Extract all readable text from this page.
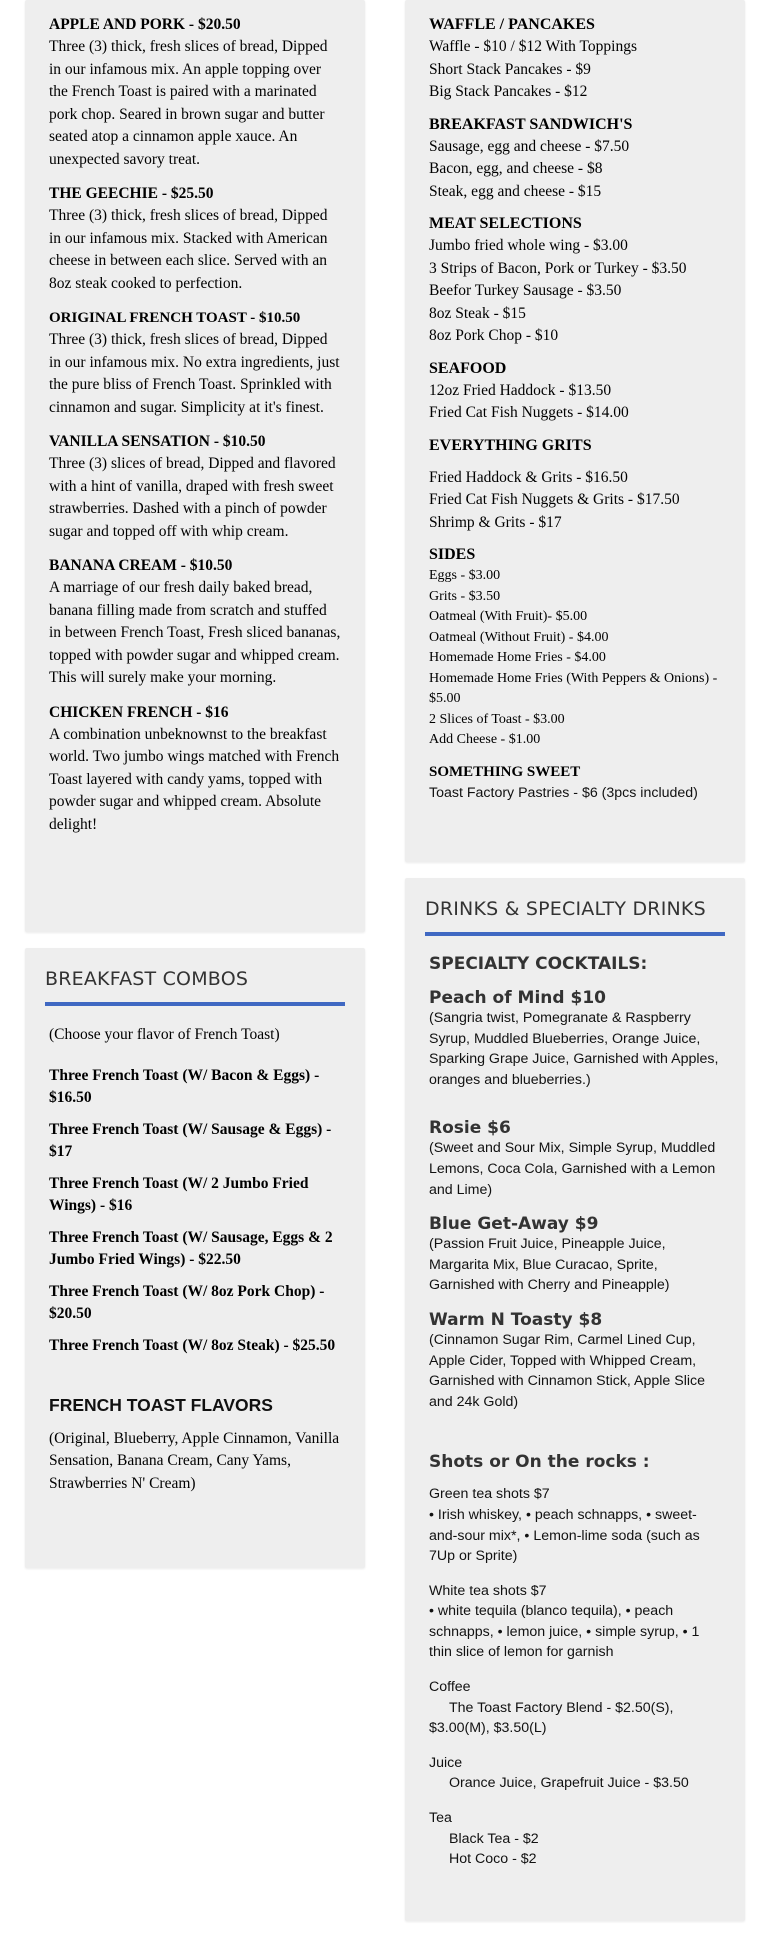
APPLE AND PORK - $20.50
Three (3) thick, fresh slices of bread, Dipped in our infamous mix. An apple topping over the French Toast is paired with a marinated pork chop. Seared in brown sugar and butter seated atop a cinnamon apple xauce. An unexpected savory treat.
THE GEECHIE - $25.50
Three (3) thick, fresh slices of bread, Dipped in our infamous mix. Stacked with American cheese in between each slice. Served with an 8oz steak cooked to perfection.
ORIGINAL FRENCH TOAST - $10.50
Three (3) thick, fresh slices of bread, Dipped in our infamous mix. No extra ingredients, just the pure bliss of French Toast. Sprinkled with cinnamon and sugar. Simplicity at it's finest.
VANILLA SENSATION - $10.50
Three (3) slices of bread, Dipped and flavored with a hint of vanilla, draped with fresh sweet strawberries. Dashed with a pinch of powder sugar and topped off with whip cream.
BANANA CREAM - $10.50
A marriage of our fresh daily baked bread, banana filling made from scratch and stuffed in between French Toast, Fresh sliced bananas, topped with powder sugar and whipped cream. This will surely make your morning.
CHICKEN FRENCH - $16
A combination unbeknownst to the breakfast world. Two jumbo wings matched with French Toast layered with candy yams, topped with powder sugar and whipped cream. Absolute delight!
BREAKFAST COMBOS
(Choose your flavor of French Toast)
Three French Toast (W/ Bacon & Eggs) - $16.50
Three French Toast (W/ Sausage & Eggs) - $17
Three French Toast (W/ 2 Jumbo Fried Wings) - $16
Three French Toast (W/ Sausage, Eggs & 2 Jumbo Fried Wings) - $22.50
Three French Toast (W/ 8oz Pork Chop) - $20.50
Three French Toast (W/ 8oz Steak) - $25.50
FRENCH TOAST FLAVORS
(Original, Blueberry, Apple Cinnamon, Vanilla Sensation, Banana Cream, Cany Yams, Strawberries N' Cream)
WAFFLE / PANCAKES
Waffle - $10 / $12 With Toppings
Short Stack Pancakes - $9
Big Stack Pancakes - $12
BREAKFAST SANDWICH'S
Sausage, egg and cheese - $7.50
Bacon, egg, and cheese - $8
Steak, egg and cheese - $15
MEAT SELECTIONS
Jumbo fried whole wing - $3.00
3 Strips of Bacon, Pork or Turkey - $3.50
Beefor Turkey Sausage - $3.50
8oz Steak - $15
8oz Pork Chop - $10
SEAFOOD
12oz Fried Haddock - $13.50
Fried Cat Fish Nuggets - $14.00
EVERYTHING GRITS
Fried Haddock & Grits - $16.50
Fried Cat Fish Nuggets & Grits - $17.50
Shrimp & Grits - $17
SIDES
Eggs - $3.00
Grits - $3.50
Oatmeal (With Fruit)- $5.00
Oatmeal (Without Fruit) - $4.00
Homemade Home Fries - $4.00
Homemade Home Fries (With Peppers & Onions) - $5.00
2 Slices of Toast - $3.00
Add Cheese - $1.00
SOMETHING SWEET
Toast Factory Pastries - $6 (3pcs included)
DRINKS & SPECIALTY DRINKS
SPECIALTY COCKTAILS:
Peach of Mind $10
(Sangria twist, Pomegranate & Raspberry Syrup, Muddled Blueberries, Orange Juice, Sparking Grape Juice, Garnished with Apples, oranges and blueberries.)
Rosie $6
(Sweet and Sour Mix, Simple Syrup, Muddled Lemons, Coca Cola, Garnished with a Lemon and Lime)
Blue Get-Away $9
(Passion Fruit Juice, Pineapple Juice, Margarita Mix, Blue Curacao, Sprite, Garnished with Cherry and Pineapple)
Warm N Toasty $8
(Cinnamon Sugar Rim, Carmel Lined Cup, Apple Cider, Topped with Whipped Cream, Garnished with Cinnamon Stick, Apple Slice and 24k Gold)
Shots or On the rocks :
Green tea shots $7
• Irish whiskey, • peach schnapps, • sweet-and-sour mix*, • Lemon-lime soda (such as 7Up or Sprite)
White tea shots $7
• white tequila (blanco tequila), • peach schnapps, • lemon juice, • simple syrup, • 1 thin slice of lemon for garnish
Coffee
The Toast Factory Blend - $2.50(S), $3.00(M), $3.50(L)
Juice
Orance Juice, Grapefruit Juice - $3.50
Tea
Black Tea - $2
Hot Coco - $2
